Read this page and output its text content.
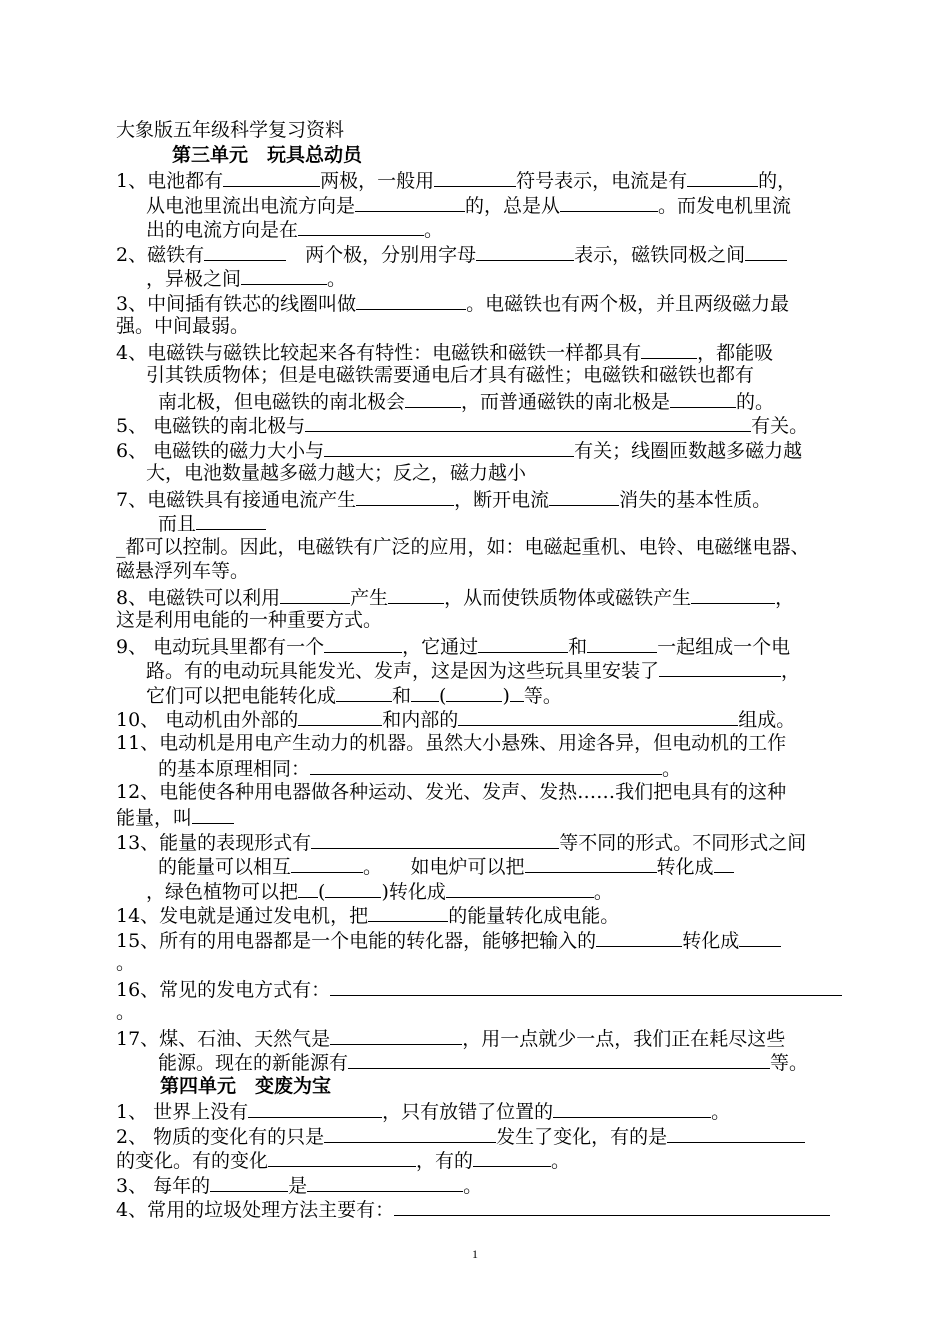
大象版五年级科学复习资料
第三单元　玩具总动员
1、电池都有	两极，一般用	符号表示，电流是有	的，
从电池里流出电流方向是	的，总是从	。而发电机里流
出的电流方向是在	。
2、磁铁有　	两个极，分别用字母	表示，磁铁同极之间
，异极之间	。
3、中间插有铁芯的线圈叫做	。电磁铁也有两个极，并且两级磁力最
强。中间最弱。
4、电磁铁与磁铁比较起来各有特性：电磁铁和磁铁一样都具有	，都能吸
引其铁质物体；但是电磁铁需要通电后才具有磁性；电磁铁和磁铁也都有
南北极，但电磁铁的南北极会	，而普通磁铁的南北极是	的。
5、 电磁铁的南北极与	有关。
6、 电磁铁的磁力大小与	有关；线圈匝数越多磁力越
大，电池数量越多磁力越大；反之，磁力越小
7、电磁铁具有接通电流产生	，断开电流	消失的基本性质。
而且
_都可以控制。因此，电磁铁有广泛的应用，如：电磁起重机、电铃、电磁继电器、
磁悬浮列车等。
8、电磁铁可以利用	产生	，从而使铁质物体或磁铁产生	，
这是利用电能的一种重要方式。
9、 电动玩具里都有一个	，它通过	和	一起组成一个电
路。有的电动玩具能发光、发声，这是因为这些玩具里安装了	，
它们可以把电能转化成	和 (	) 等。
10、 电动机由外部的	和内部的	组成。
11、电动机是用电产生动力的机器。虽然大小悬殊、用途各异，但电动机的工作
的基本原理相同：	。
12、电能使各种用电器做各种运动、发光、发声、发热……我们把电具有的这种
能量，叫
13、能量的表现形式有	等不同的形式。不同形式之间
的能量可以相互	。　　如电炉可以把	转化成
，绿色植物可以把 (	)转化成	。
14、发电就是通过发电机，把	的能量转化成电能。
15、所有的用电器都是一个电能的转化器，能够把输入的	转化成
。
16、常见的发电方式有：
。
17、煤、石油、天然气是	，用一点就少一点，我们正在耗尽这些
能源。现在的新能源有	等。
第四单元　变废为宝
1、 世界上没有	，只有放错了位置的	。
2、 物质的变化有的只是	发生了变化，有的是
的变化。有的变化	，有的	。
3、 每年的	是	。
4、常用的垃圾处理方法主要有：
1
